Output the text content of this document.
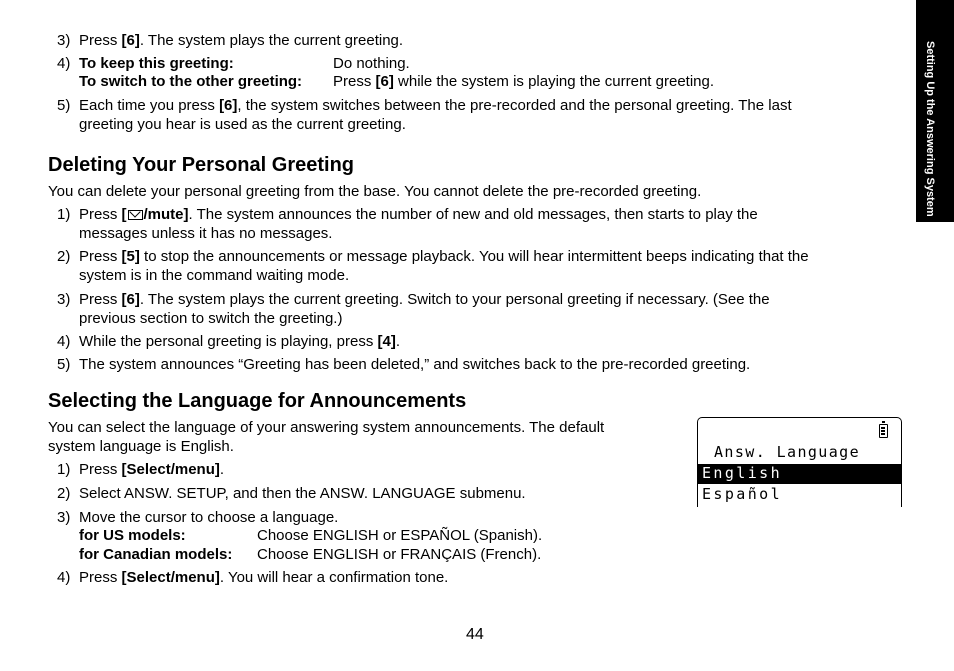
Setting Up the Answering System
3) Press [6]. The system plays the current greeting.
4) To keep this greeting:	Do nothing.
To switch to the other greeting: Press [6] while the system is playing the current greeting.
5) Each time you press [6], the system switches between the pre-recorded and the personal greeting. The last
greeting you hear is used as the current greeting.
Deleting Your Personal Greeting
You can delete your personal greeting from the base. You cannot delete the pre-recorded greeting.
1) Press [ /mute]. The system announces the number of new and old messages, then starts to play the
messages unless it has no messages.
2) Press [5] to stop the announcements or message playback. You will hear intermittent beeps indicating that the
system is in the command waiting mode.
3) Press [6]. The system plays the current greeting. Switch to your personal greeting if necessary. (See the
previous section to switch the greeting.)
4) While the personal greeting is playing, press [4].
5) The system announces “Greeting has been deleted,” and switches back to the pre-recorded greeting.
Selecting the Language for Announcements
You can select the language of your answering system announcements. The default
system language is English.
1) Press [Select/menu].
2) Select ANSW. SETUP, and then the ANSW. LANGUAGE submenu.
3) Move the cursor to choose a language.
for US models:	Choose ENGLISH or ESPAÑOL (Spanish).
for Canadian models: Choose ENGLISH or FRANÇAIS (French).
4) Press [Select/menu]. You will hear a confirmation tone.
Answ. Language
English
Español
44
